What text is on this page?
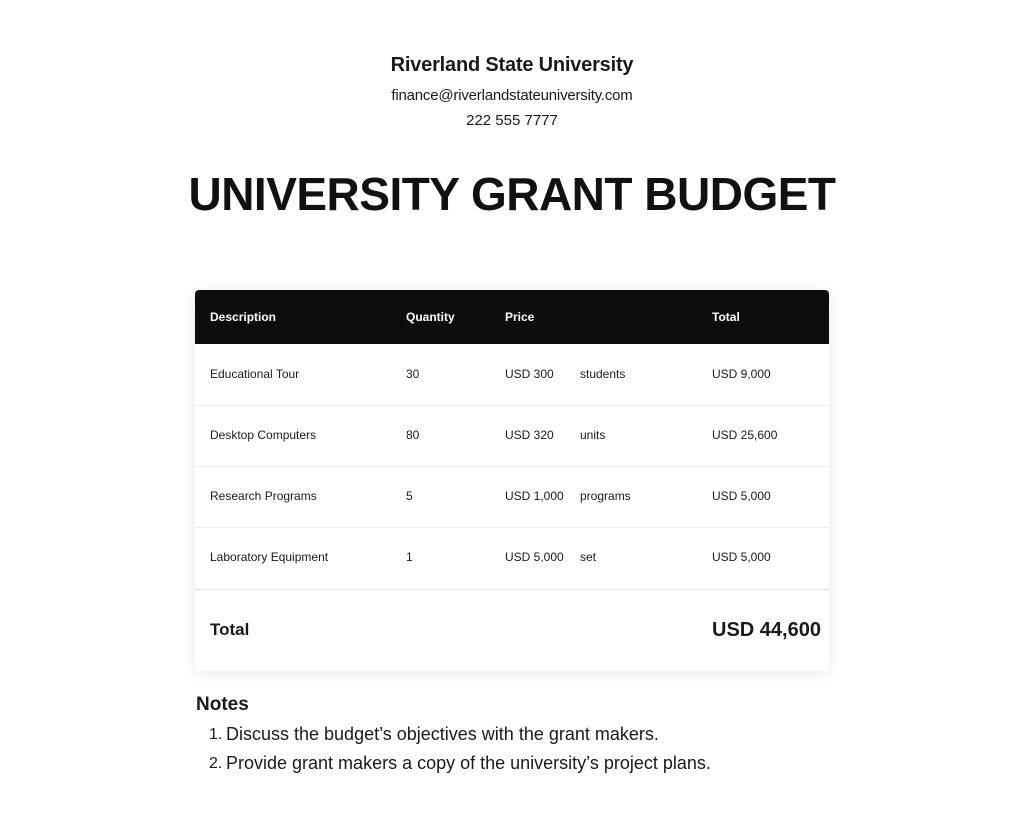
Riverland State University
finance@riverlandstateuniversity.com
222 555 7777
UNIVERSITY GRANT BUDGET
Description	Quantity	Price	Total
Educational Tour	30	USD 300 students	USD 9,000
Desktop Computers	80	USD 320 units	USD 25,600
Research Programs	5	USD 1,000 programs	USD 5,000
Laboratory Equipment	1	USD 5,000 set	USD 5,000
Total	USD 44,600
Notes
1. Discuss the budget’s objectives with the grant makers.
2. Provide grant makers a copy of the university’s project plans.
